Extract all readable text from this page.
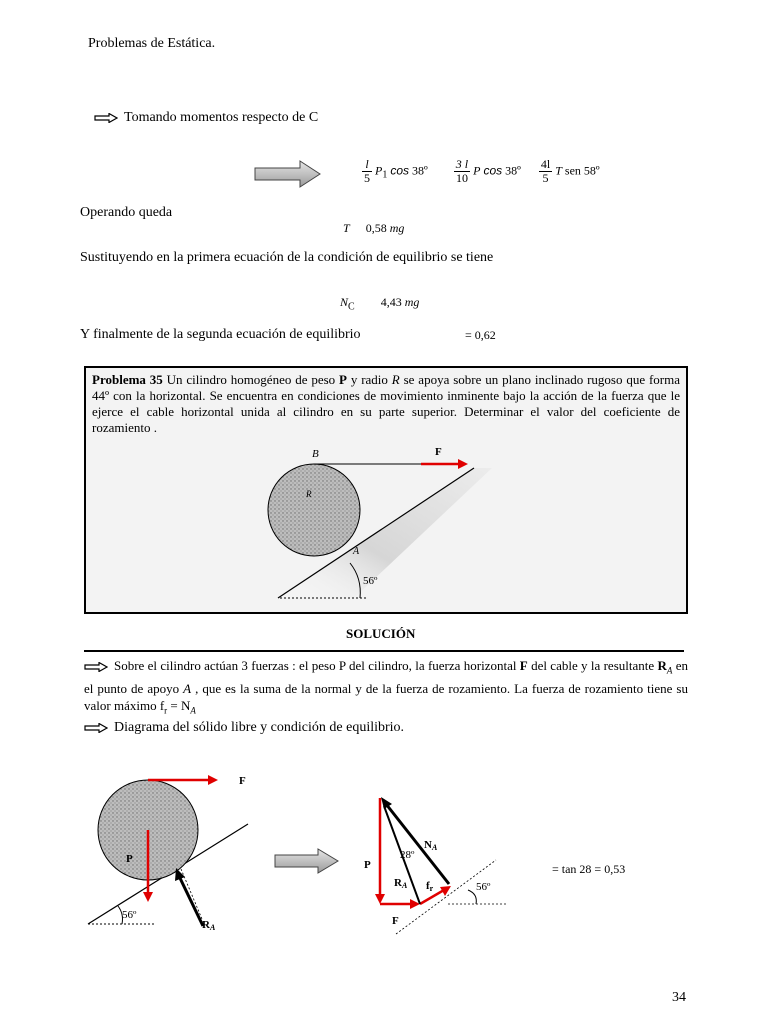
Problemas de Estática.
Tomando momentos respecto de C
$\frac{l}{5} P_1$ cos 38º $\frac{3 l}{10}$ P cos 38º $\frac{4l}{5}$ T sen 58º
Operando queda
T 0,58 mg
Sustituyendo en la primera ecuación de la condición de equilibrio se tiene
$N_C$ 4,43 mg
Y finalmente de la segunda ecuación de equilibrio	= 0,62
Problema 35 Un cilindro homogéneo de peso P y radio R se apoya sobre un plano inclinado rugoso que forma 44º con la horizontal. Se encuentra en condiciones de movimiento inminente bajo la acción de la fuerza que le ejerce el cable horizontal unida al cilindro en su parte superior. Determinar el valor del coeficiente de rozamiento .
B	F
R
A
56º
SOLUCIÓN
Sobre el cilindro actúan 3 fuerzas : el peso P del cilindro, la fuerza horizontal F del cable y la resultante $R_A$ en el punto de apoyo A , que es la suma de la normal y de la fuerza de rozamiento. La fuerza de rozamiento tiene su valor máximo $f_r = N_A$
Diagrama del sólido libre y condición de equilibrio.
F
P
56º
RA
P
28º
NA
RA fr	56º
F
= tan 28 = 0,53
34
